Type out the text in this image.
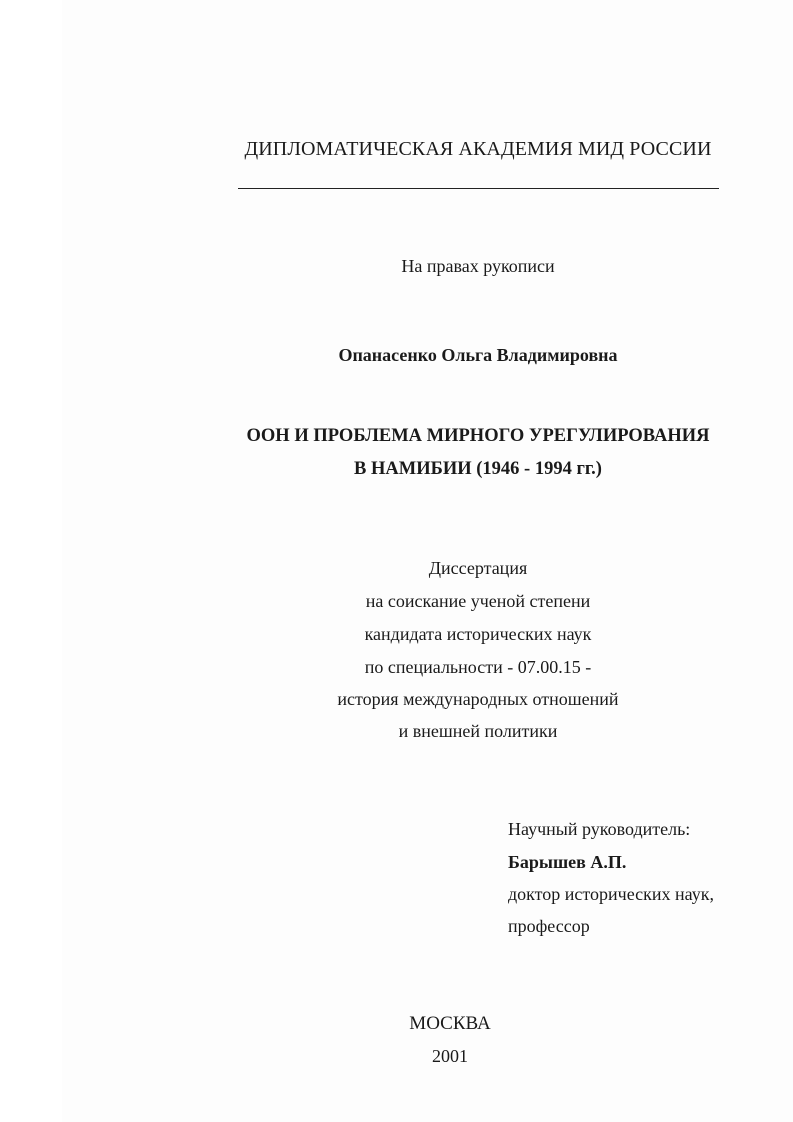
ДИПЛОМАТИЧЕСКАЯ АКАДЕМИЯ МИД РОССИИ
На правах рукописи
Опанасенко Ольга Владимировна
ООН И ПРОБЛЕМА МИРНОГО УРЕГУЛИРОВАНИЯ
В НАМИБИИ (1946 - 1994 гг.)
Диссертация
на соискание ученой степени
кандидата исторических наук
по специальности - 07.00.15 -
история международных отношений
и внешней политики
Научный руководитель:
Барышев А.П.
доктор исторических наук,
профессор
МОСКВА
2001
